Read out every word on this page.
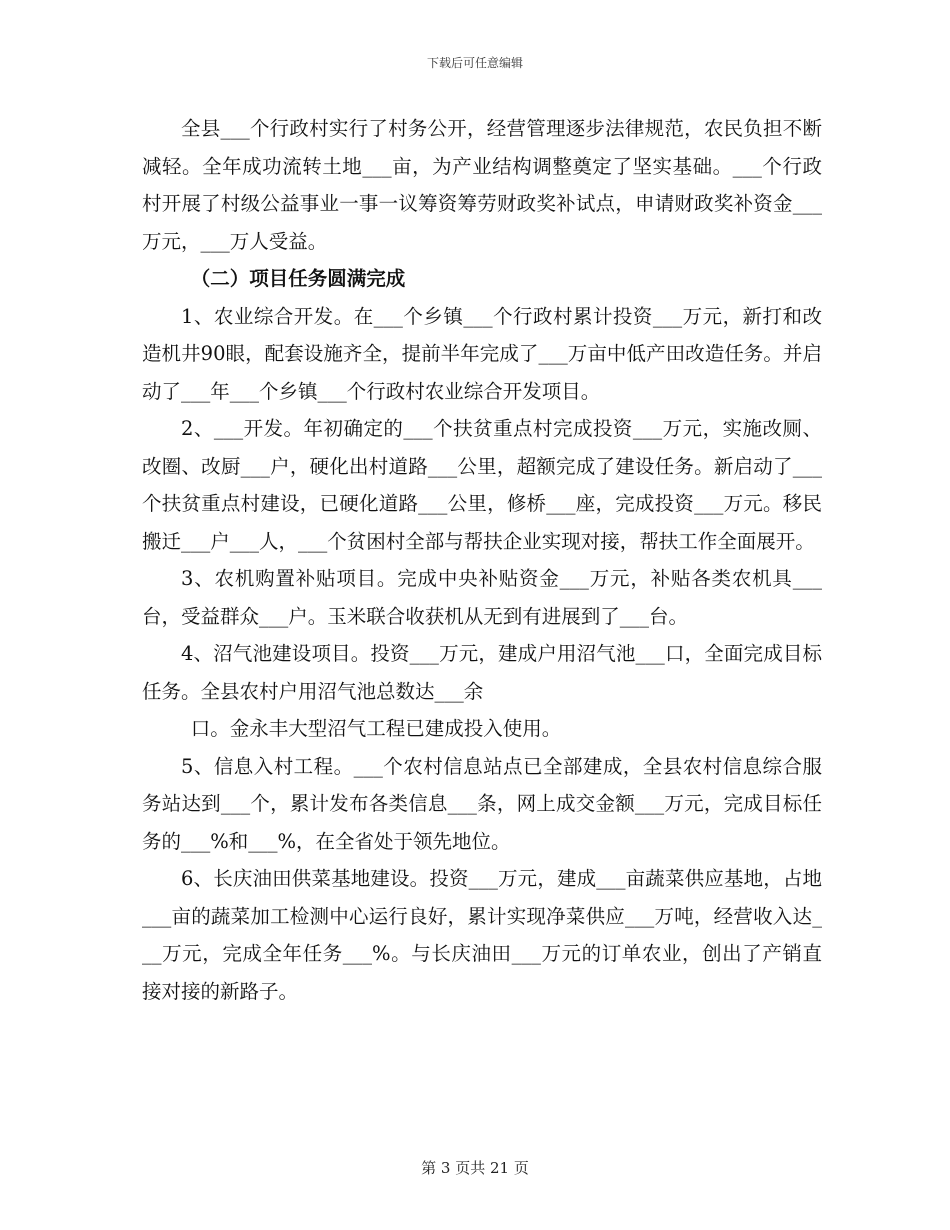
下载后可任意编辑

全县___个行政村实行了村务公开，经营管理逐步法律规范，农民负担不断减轻。全年成功流转土地___亩，为产业结构调整奠定了坚实基础。___个行政村开展了村级公益事业一事一议筹资筹劳财政奖补试点，申请财政奖补资金___万元，___万人受益。

（二）项目任务圆满完成

1、农业综合开发。在___个乡镇___个行政村累计投资___万元，新打和改造机井90眼，配套设施齐全，提前半年完成了___万亩中低产田改造任务。并启动了___年___个乡镇___个行政村农业综合开发项目。

2、___开发。年初确定的___个扶贫重点村完成投资___万元，实施改厕、改圈、改厨___户，硬化出村道路___公里，超额完成了建设任务。新启动了___个扶贫重点村建设，已硬化道路___公里，修桥___座，完成投资___万元。移民搬迁___户___人，___个贫困村全部与帮扶企业实现对接，帮扶工作全面展开。

3、农机购置补贴项目。完成中央补贴资金___万元，补贴各类农机具___台，受益群众___户。玉米联合收获机从无到有进展到了___台。

4、沼气池建设项目。投资___万元，建成户用沼气池___口，全面完成目标任务。全县农村户用沼气池总数达___余

口。金永丰大型沼气工程已建成投入使用。

5、信息入村工程。___个农村信息站点已全部建成，全县农村信息综合服务站达到___个，累计发布各类信息___条，网上成交金额___万元，完成目标任务的___%和___%，在全省处于领先地位。

6、长庆油田供菜基地建设。投资___万元，建成___亩蔬菜供应基地，占地___亩的蔬菜加工检测中心运行良好，累计实现净菜供应___万吨，经营收入达___万元，完成全年任务___%。与长庆油田___万元的订单农业，创出了产销直接对接的新路子。

第 3 页共 21 页
